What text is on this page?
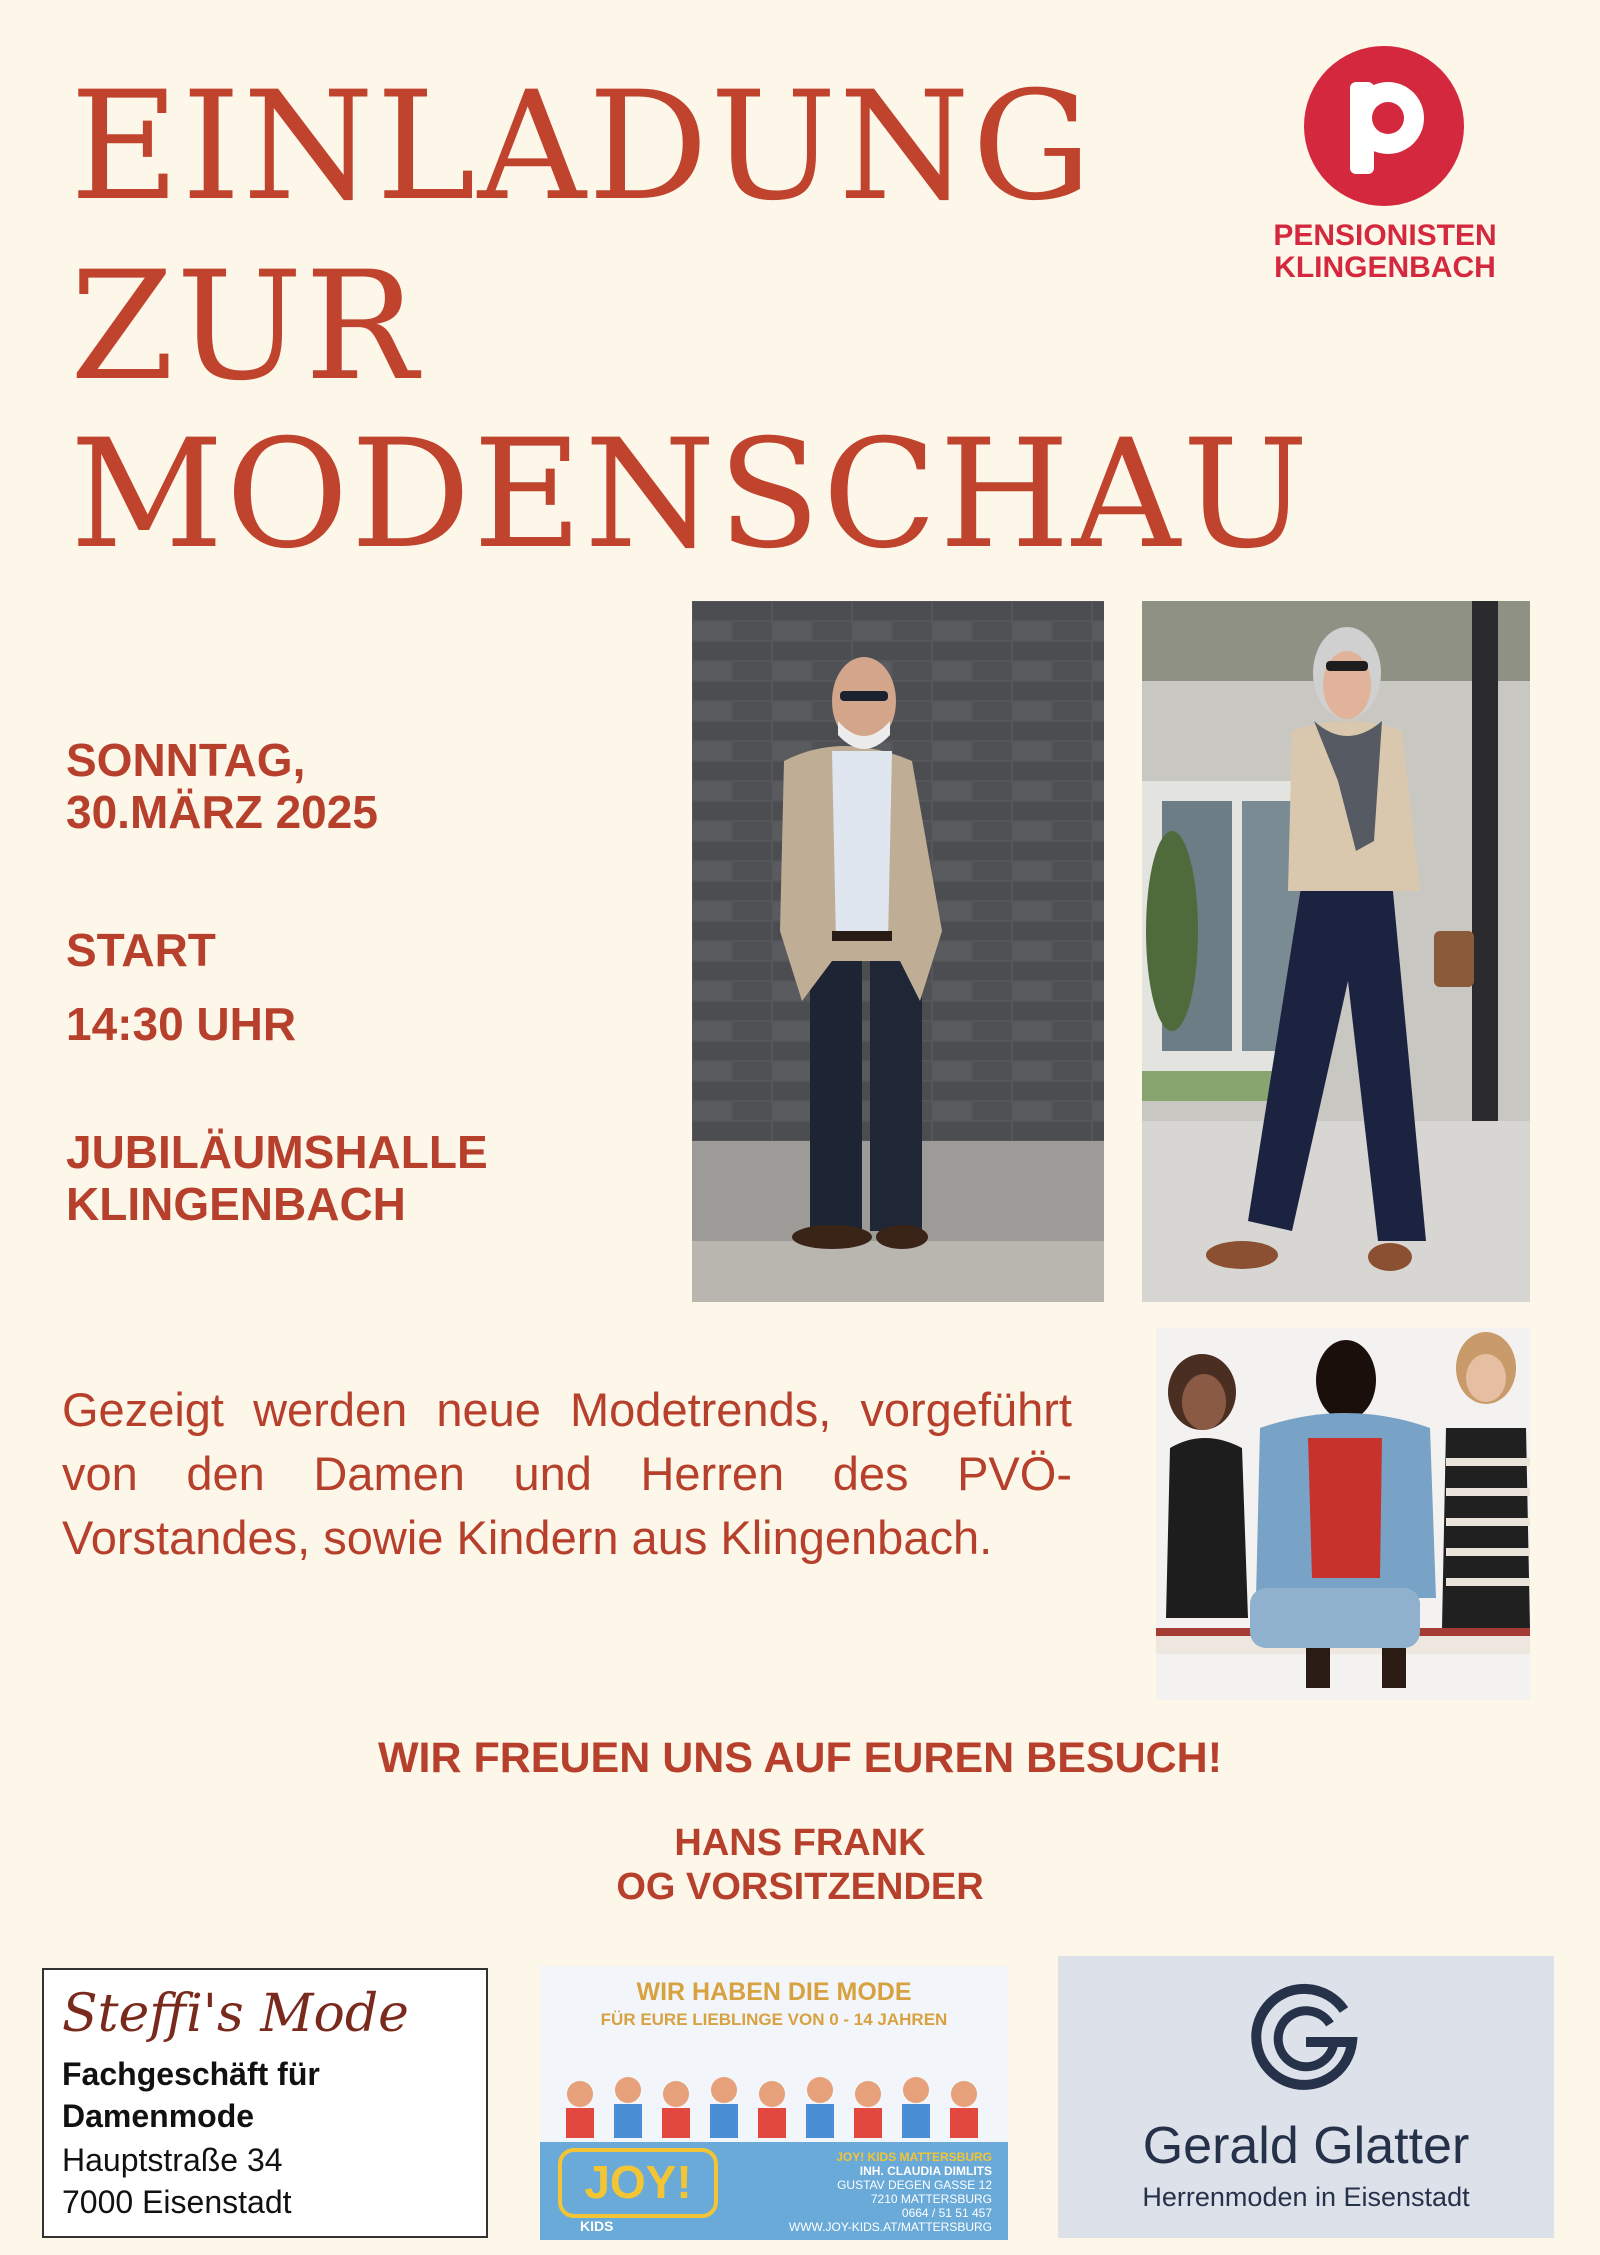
EINLADUNG
ZUR
MODENSCHAU
PENSIONISTEN
KLINGENBACH
SONNTAG,
30.MÄRZ 2025
START
14:30 UHR
JUBILÄUMSHALLE
KLINGENBACH
Gezeigt werden neue Modetrends, vorgeführt von den Damen und Herren des PVÖ-Vorstandes, sowie Kindern aus Klingenbach.
WIR FREUEN UNS AUF EUREN BESUCH!
HANS FRANK
OG VORSITZENDER
Steffi's Mode
Fachgeschäft für
Damenmode
Hauptstraße 34
7000 Eisenstadt
WIR HABEN DIE MODE
FÜR EURE LIEBLINGE VON 0 - 14 JAHREN
JOY!
KIDS
JOY! KIDS MATTERSBURG
INH. CLAUDIA DIMLITS
GUSTAV DEGEN GASSE 12
7210 MATTERSBURG
0664 / 51 51 457
WWW.JOY-KIDS.AT/MATTERSBURG
Gerald Glatter
Herrenmoden in Eisenstadt
